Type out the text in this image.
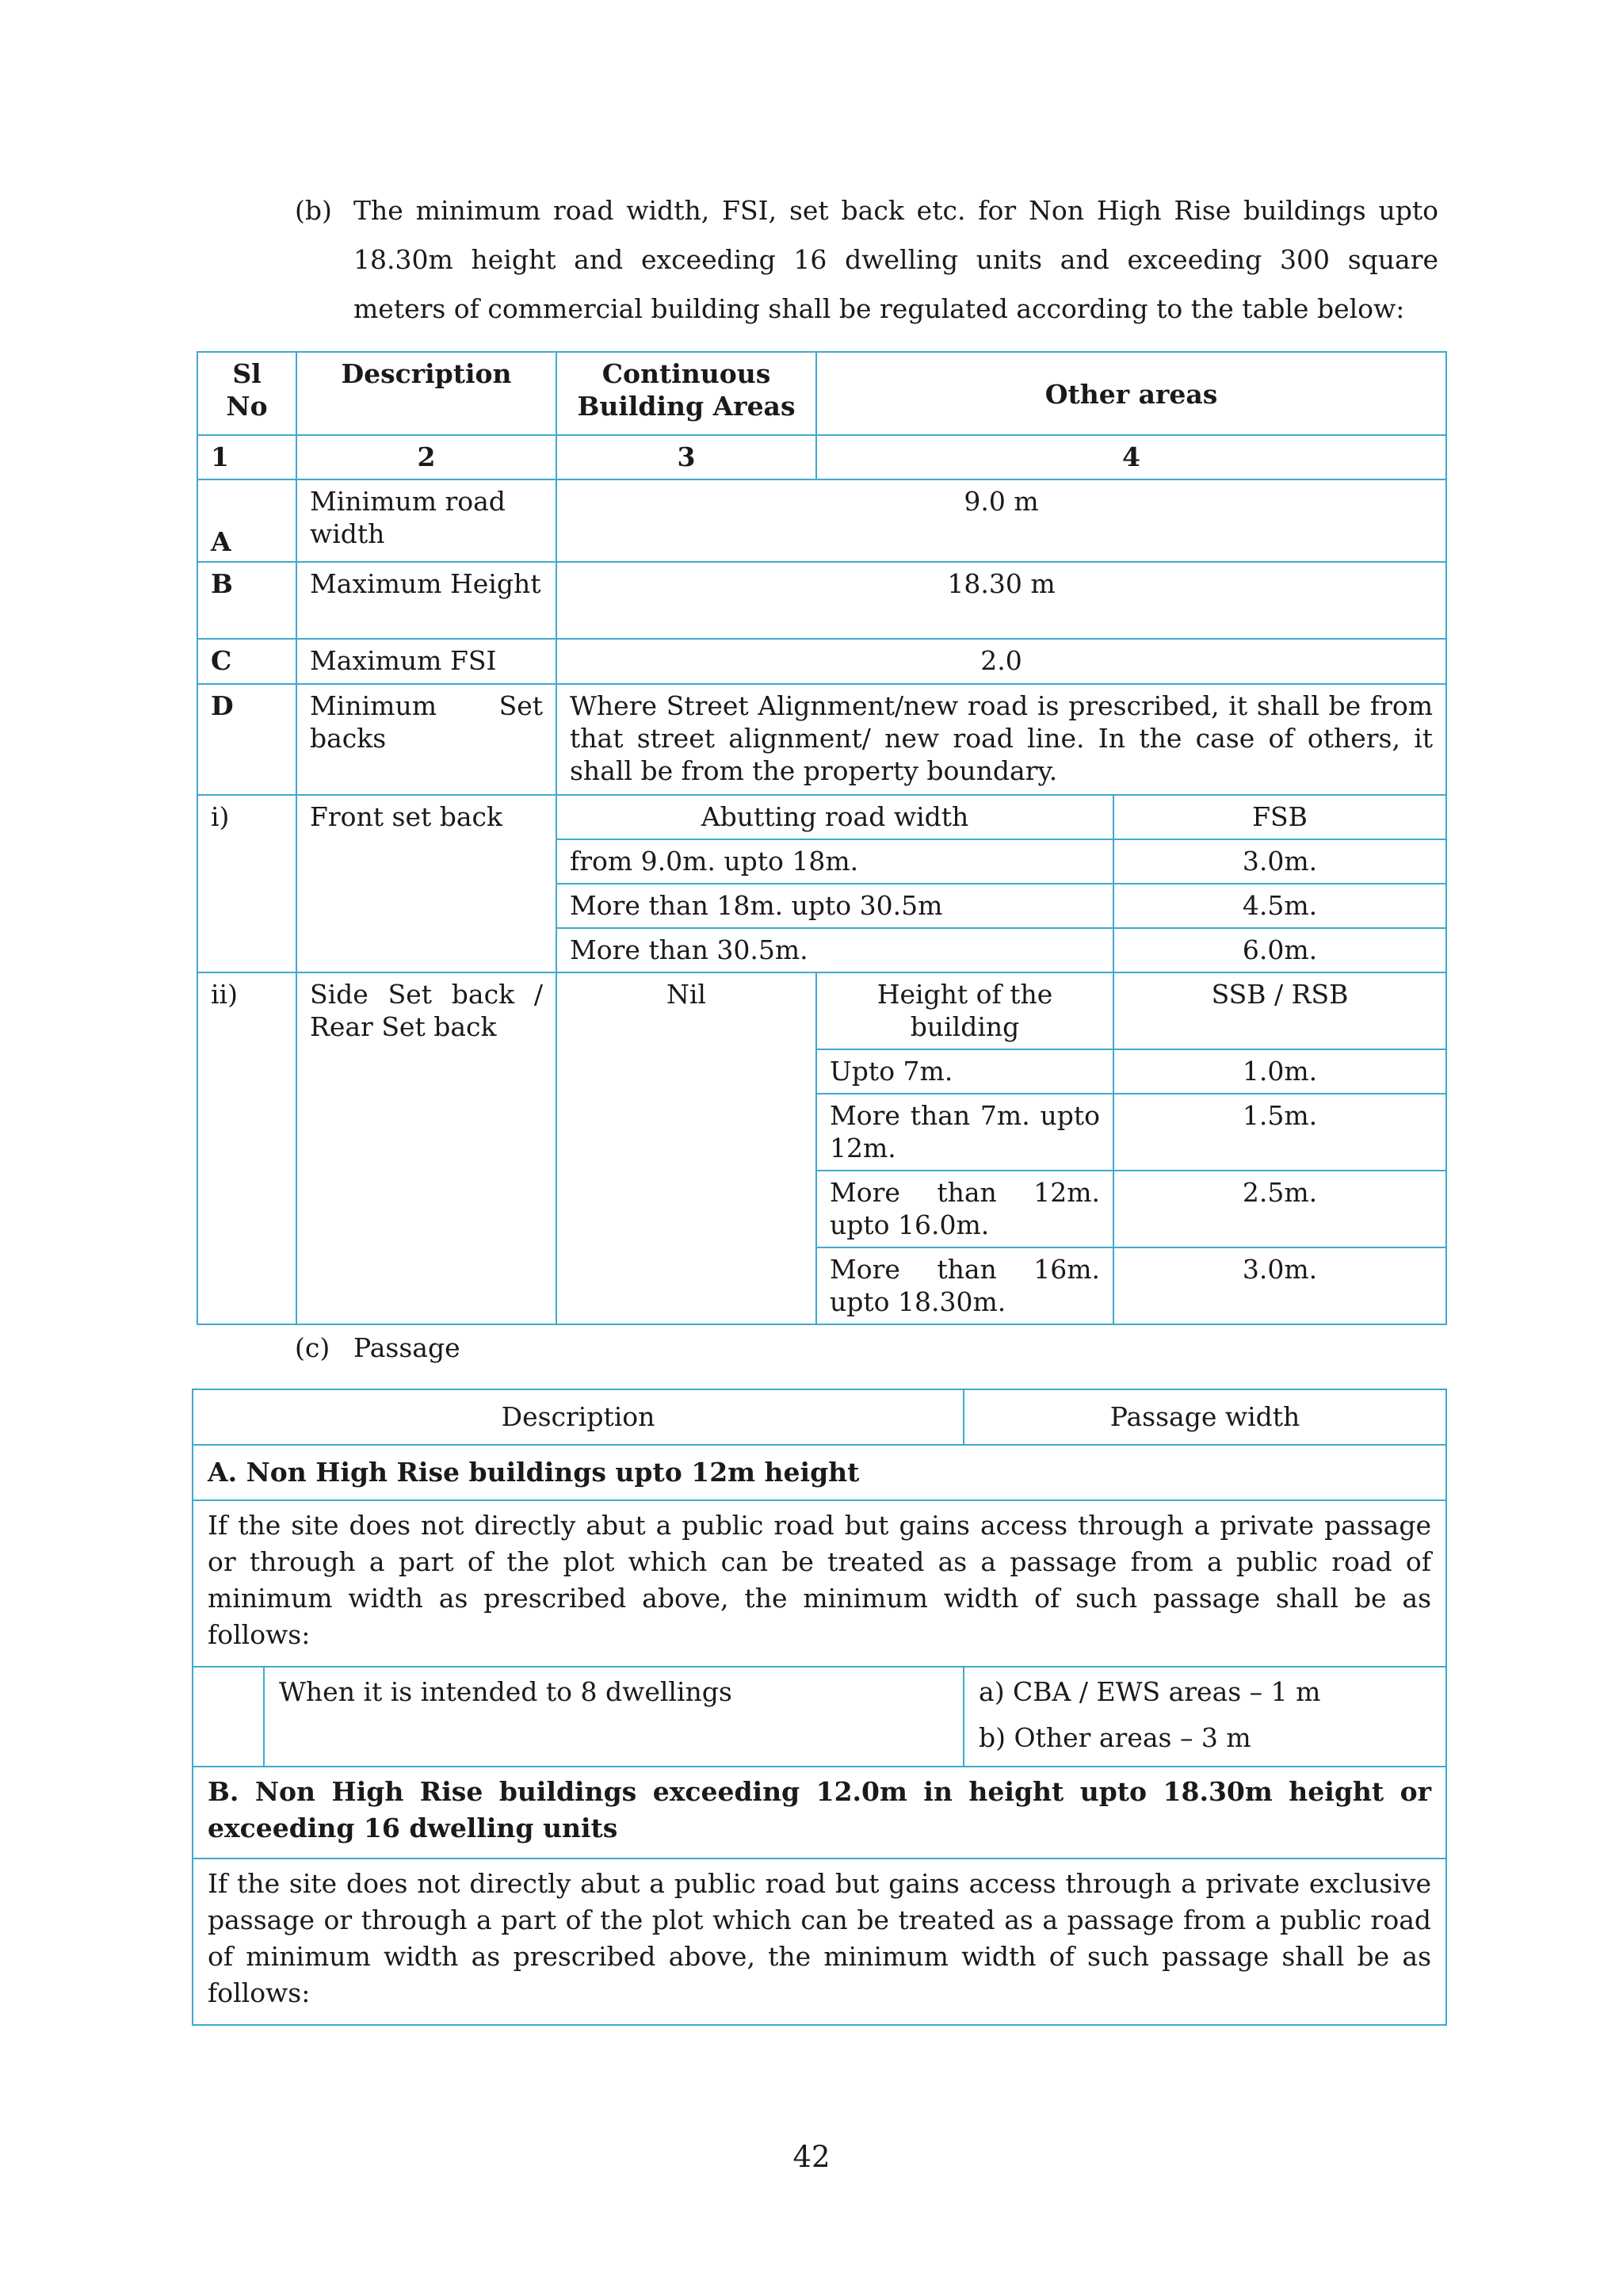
(b) The minimum road width, FSI, set back etc. for Non High Rise buildings upto
18.30m height and exceeding 16 dwelling units and exceeding 300 square
meters of commercial building shall be regulated according to the table below:
Sl No	Description	Continuous Building Areas	Other areas	
1	2	3	4	
A	Minimum road width	9.0 m		
B	Maximum Height	18.30 m		
C	Maximum FSI	2.0		
D	Minimum Set backs	Where Street Alignment/new road is prescribed, it shall be from that street alignment/ new road line. In the case of others, it shall be from the property boundary.		
i)	Front set back	Abutting road width		FSB
		from 9.0m. upto 18m.		3.0m.
		More than 18m. upto 30.5m		4.5m.
		More than 30.5m.		6.0m.
ii)	Side Set back / Rear Set back	Nil	Height of the building	SSB / RSB
			Upto 7m.	1.0m.
			More than 7m. upto 12m.	1.5m.
			More than 12m. upto 16.0m.	2.5m.
			More than 16m. upto 18.30m.	3.0m.
(c) Passage
Description		Passage width
A. Non High Rise buildings upto 12m height		
If the site does not directly abut a public road but gains access through a private passage or through a part of the plot which can be treated as a passage from a public road of minimum width as prescribed above, the minimum width of such passage shall be as follows:		
	When it is intended to 8 dwellings	a) CBA / EWS areas – 1 m
b) Other areas – 3 m

B. Non High Rise buildings exceeding 12.0m in height upto 18.30m height or exceeding 16 dwelling units		
If the site does not directly abut a public road but gains access through a private exclusive passage or through a part of the plot which can be treated as a passage from a public road of minimum width as prescribed above, the minimum width of such passage shall be as follows:		
42
